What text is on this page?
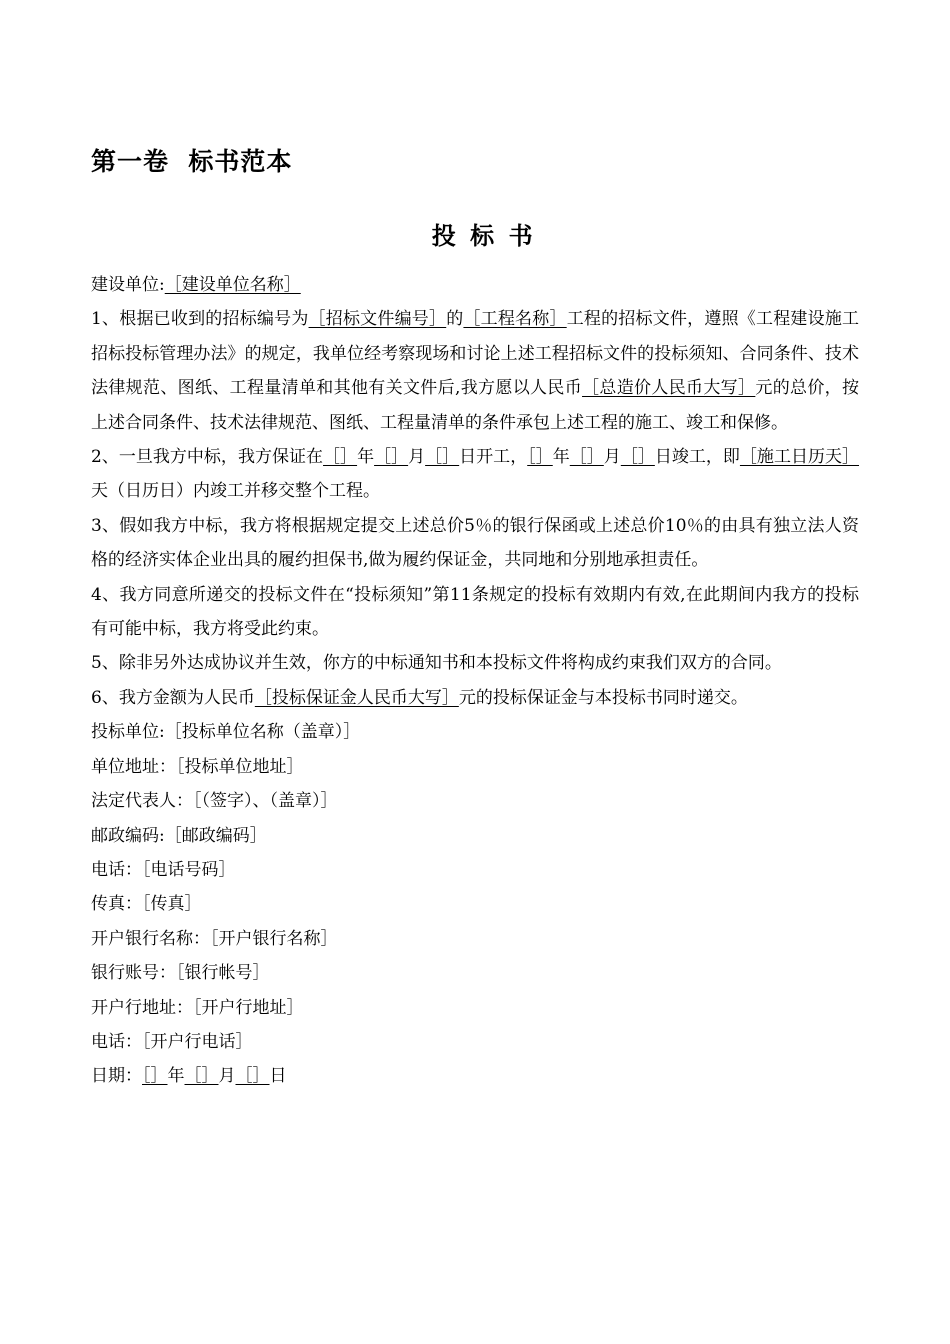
第一卷  标书范本
投标书

建设单位:［建设单位名称］

1、根据已收到的招标编号为［招标文件编号］的［工程名称］工程的招标文件，遵照《工程建设施工招标投标管理办法》的规定，我单位经考察现场和讨论上述工程招标文件的投标须知、合同条件、技术法律规范、图纸、工程量清单和其他有关文件后,我方愿以人民币［总造价人民币大写］元的总价，按上述合同条件、技术法律规范、图纸、工程量清单的条件承包上述工程的施工、竣工和保修。

2、一旦我方中标，我方保证在［］年［］月［］日开工，［］年［］月［］日竣工，即［施工日历天］天（日历日）内竣工并移交整个工程。

3、假如我方中标，我方将根据规定提交上述总价5％的银行保函或上述总价10％的由具有独立法人资格的经济实体企业出具的履约担保书,做为履约保证金，共同地和分别地承担责任。

4、我方同意所递交的投标文件在“投标须知”第11条规定的投标有效期内有效,在此期间内我方的投标有可能中标，我方将受此约束。

5、除非另外达成协议并生效，你方的中标通知书和本投标文件将构成约束我们双方的合同。

6、我方金额为人民币［投标保证金人民币大写］元的投标保证金与本投标书同时递交。

投标单位:［投标单位名称（盖章）］

单位地址：［投标单位地址］

法定代表人：［（签字）、（盖章）］

邮政编码:［邮政编码］

电话：［电话号码］

传真：［传真］

开户银行名称：［开户银行名称］

银行账号：［银行帐号］

开户行地址：［开户行地址］

电话：［开户行电话］

日期：［］年［］月［］日
